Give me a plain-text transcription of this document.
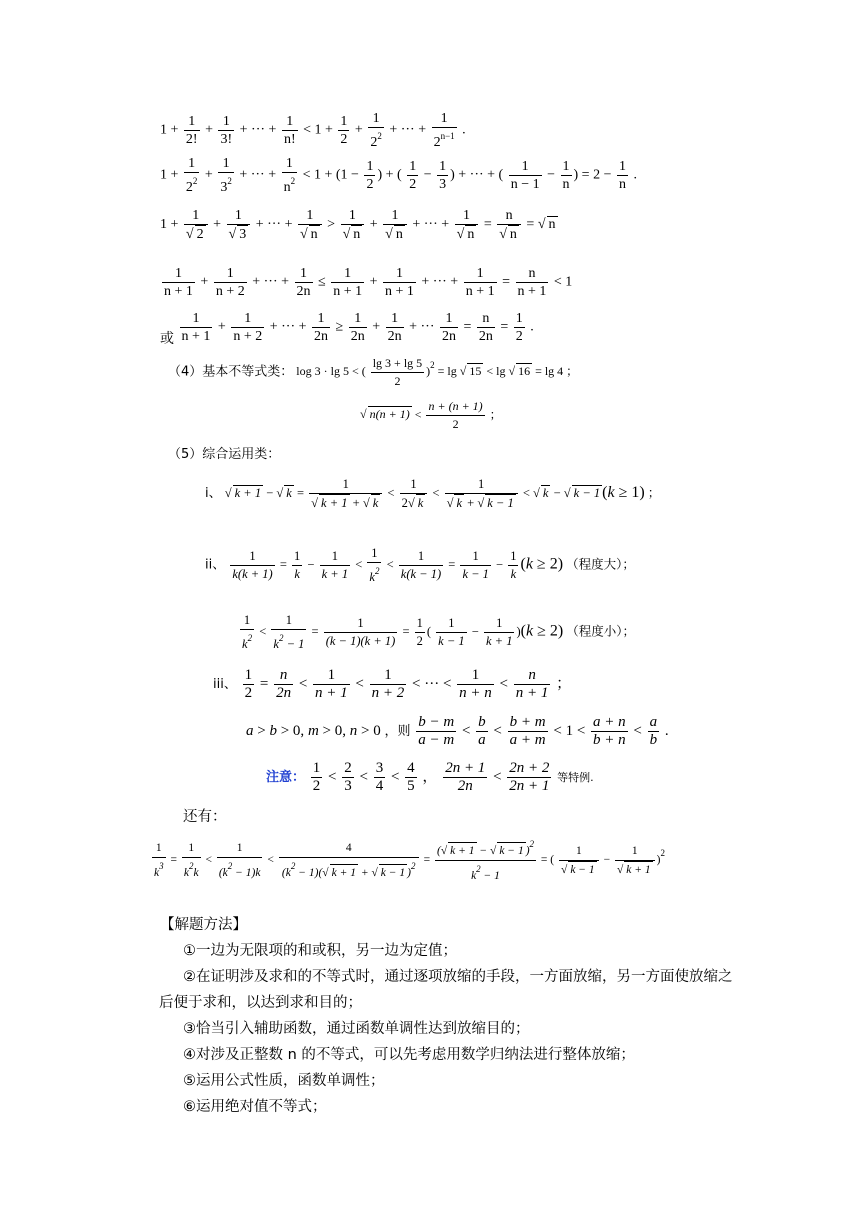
$1 + \frac{1}{2!} + \frac{1}{3!}$ + ··· + $\frac{1}{n!} < 1 + \frac{1}{2} + \frac{1}{2^2}$ + ··· + $\frac{1}{2^{n-1}}$ .
$1 + \frac{1}{2^2} + \frac{1}{3^2}$ + ··· + $\frac{1}{n^2} < 1 + (1 - \frac{1}{2}$ ) + ( $\frac{1}{2} - \frac{1}{3}$ ) + ··· + ( $\frac{1}{n - 1} - \frac{1}{n}$ ) = $2 - \frac{1}{n}$ .
1 + 1
√ 2 + 1
√ 3 + ··· + 1
√ n > 1
√ n + 1
√ n + ··· + 1
√ n = n
√ n = √ n
$\frac{1}{n + 1} + \frac{1}{n + 2}$ + ··· + $\frac{1}{2n} \le \frac{1}{n + 1} + \frac{1}{n + 1}$ + ··· + $\frac{1}{n + 1} = \frac{n}{n + 1} < 1$
或 $\frac{1}{n + 1} + \frac{1}{n + 2}$ + ··· + $\frac{1}{2n} \ge \frac{1}{2n} + \frac{1}{2n}$ + ··· $\frac{1}{2n} = \frac{n}{2n} = \frac{1}{2}$ .
（4）基本不等式类： log 3 · lg 5 < ( $\frac{\lg 3 + \lg 5}{2} )^2 = \lg$ √ 15 < lg √ 16 = lg 4 ；
√ $n(n + 1) < \frac{n + (n + 1)}{2}$ ；
（5）综合运用类：
i、 √ k + 1 − √ k = 1
√ k + 1 + √ $k < \frac{1}{2 √ k} < 1$
√ k + √ k − 1 < √ k − √ k − 1 (k ≥ 1) ；
ii、 $\frac{1}{k(k + 1)} = \frac{1}{k} - \frac{1}{k + 1} < \frac{1}{k^2} < \frac{1}{k(k - 1)} = \frac{1}{k - 1} - \frac{1}{k} (k \ge 2)$ （程度大）；
$\frac{1}{k^2} < \frac{1}{k^2 - 1} = \frac{1}{(k - 1)(k + 1)} = \frac{1}{2}$ ( $\frac{1}{k - 1} - \frac{1}{k + 1} )(k \ge 2)$ （程度小）；
iii、 $\frac{1}{2} = \frac{n}{2n} < \frac{1}{n + 1} < \frac{1}{n + 2}$ < ··· < $\frac{1}{n + n} < \frac{n}{n + 1}$ ；
a > b > 0, m > 0, n > 0 ，则 $\frac{b - m}{a - m} < \frac{b}{a} < \frac{b + m}{a + m} < 1 < \frac{a + n}{b + n} < \frac{a}{b}$ .
注意： $\frac{1}{2} < \frac{2}{3} < \frac{3}{4} < \frac{4}{5}$ ， $\frac{2n + 1}{2n} < \frac{2n + 2}{2n + 1}$ 等特例.
还有：
$\frac{1}{k^3} = \frac{1}{k^2k} < \frac{1}{(k^2 - 1)k} < \frac{4}{(k^2 - 1)( √ k + 1 + √ k - 1 )^2} = \frac{( √ k + 1 - √ k - 1 )^2}{k^2 - 1}$ = ( 1
√ k − 1 − 1
√ k + 1 )$^2$
【解题方法】
①一边为无限项的和或积，另一边为定值；
②在证明涉及求和的不等式时，通过逐项放缩的手段，一方面放缩，另一方面使放缩之
后便于求和，以达到求和目的；
③恰当引入辅助函数，通过函数单调性达到放缩目的；
④对涉及正整数 n 的不等式，可以先考虑用数学归纳法进行整体放缩；
⑤运用公式性质，函数单调性；
⑥运用绝对值不等式；
